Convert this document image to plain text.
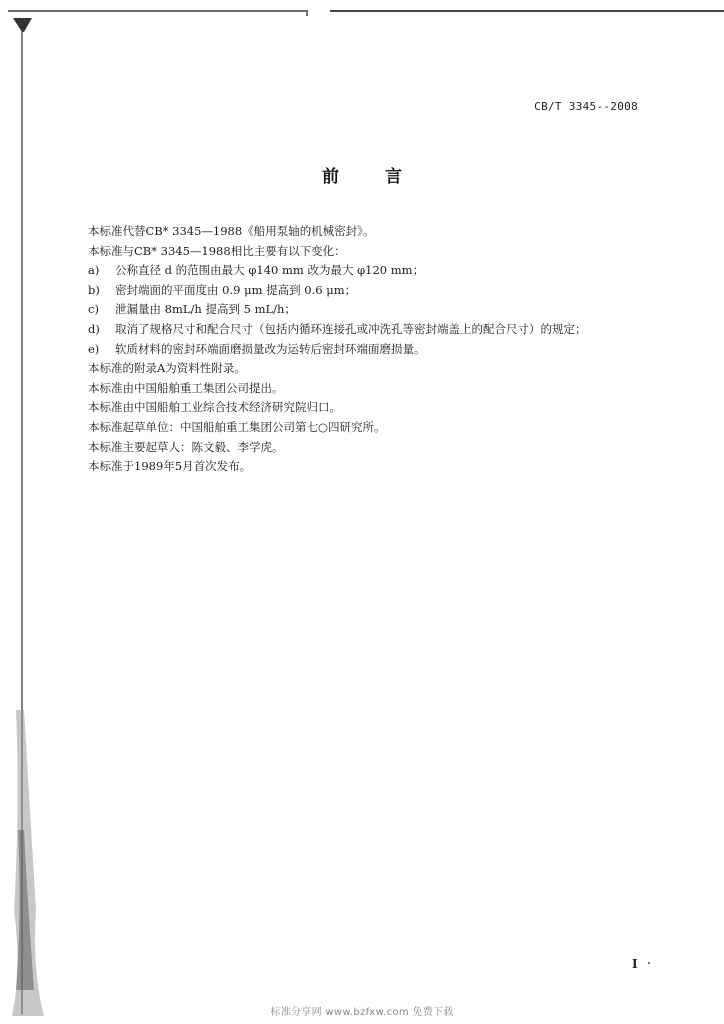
CB/T 3345--2008
前 言
本标准代替CB* 3345—1988《船用泵轴的机械密封》。
本标准与CB* 3345—1988相比主要有以下变化：
a)	公称直径 d 的范围由最大 φ140 mm 改为最大 φ120 mm；
b)	密封端面的平面度由 0.9 μm 提高到 0.6 μm；
c)	泄漏量由 8mL/h 提高到 5 mL/h；
d)	取消了规格尺寸和配合尺寸（包括内循环连接孔或冲洗孔等密封端盖上的配合尺寸）的规定；
e)	软质材料的密封环端面磨损量改为运转后密封环端面磨损量。
本标准的附录A为资料性附录。
本标准由中国船舶重工集团公司提出。
本标准由中国船舶工业综合技术经济研究院归口。
本标准起草单位：中国船舶重工集团公司第七○四研究所。
本标准主要起草人：陈文毅、李学虎。
本标准于1989年5月首次发布。
I
标准分享网 www.bzfxw.com 免费下载
